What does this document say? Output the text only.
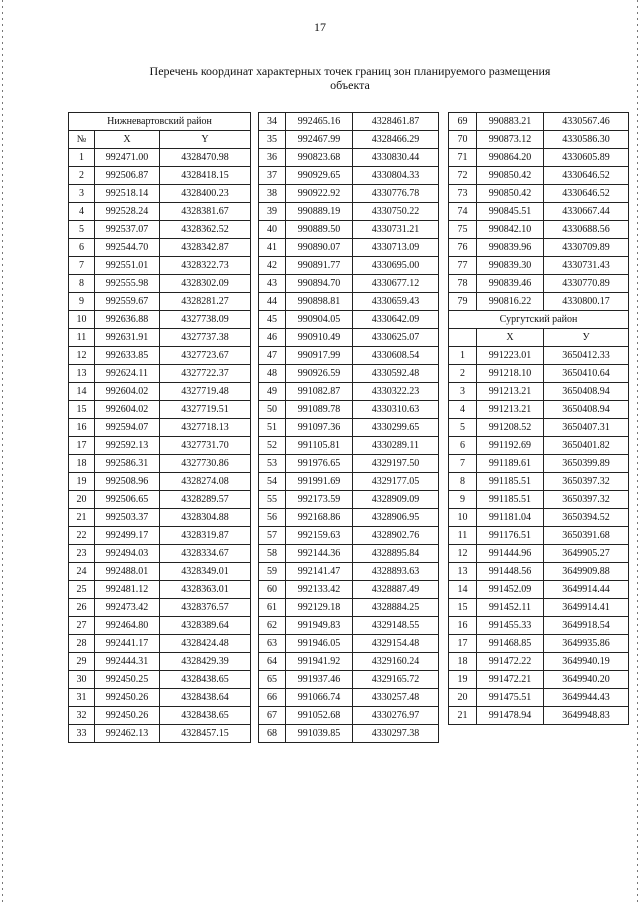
17
Перечень координат характерных точек границ зон планируемого размещения
объекта
Нижневартовский район		
№	X	Y
1	992471.00	4328470.98
2	992506.87	4328418.15
3	992518.14	4328400.23
4	992528.24	4328381.67
5	992537.07	4328362.52
6	992544.70	4328342.87
7	992551.01	4328322.73
8	992555.98	4328302.09
9	992559.67	4328281.27
10	992636.88	4327738.09
11	992631.91	4327737.38
12	992633.85	4327723.67
13	992624.11	4327722.37
14	992604.02	4327719.48
15	992604.02	4327719.51
16	992594.07	4327718.13
17	992592.13	4327731.70
18	992586.31	4327730.86
19	992508.96	4328274.08
20	992506.65	4328289.57
21	992503.37	4328304.88
22	992499.17	4328319.87
23	992494.03	4328334.67
24	992488.01	4328349.01
25	992481.12	4328363.01
26	992473.42	4328376.57
27	992464.80	4328389.64
28	992441.17	4328424.48
29	992444.31	4328429.39
30	992450.25	4328438.65
31	992450.26	4328438.64
32	992450.26	4328438.65
33	992462.13	4328457.15
34	992465.16	4328461.87
35	992467.99	4328466.29
36	990823.68	4330830.44
37	990929.65	4330804.33
38	990922.92	4330776.78
39	990889.19	4330750.22
40	990889.50	4330731.21
41	990890.07	4330713.09
42	990891.77	4330695.00
43	990894.70	4330677.12
44	990898.81	4330659.43
45	990904.05	4330642.09
46	990910.49	4330625.07
47	990917.99	4330608.54
48	990926.59	4330592.48
49	991082.87	4330322.23
50	991089.78	4330310.63
51	991097.36	4330299.65
52	991105.81	4330289.11
53	991976.65	4329197.50
54	991991.69	4329177.05
55	992173.59	4328909.09
56	992168.86	4328906.95
57	992159.63	4328902.76
58	992144.36	4328895.84
59	992141.47	4328893.63
60	992133.42	4328887.49
61	992129.18	4328884.25
62	991949.83	4329148.55
63	991946.05	4329154.48
64	991941.92	4329160.24
65	991937.46	4329165.72
66	991066.74	4330257.48
67	991052.68	4330276.97
68	991039.85	4330297.38
69	990883.21	4330567.46
70	990873.12	4330586.30
71	990864.20	4330605.89
72	990850.42	4330646.52
73	990850.42	4330646.52
74	990845.51	4330667.44
75	990842.10	4330688.56
76	990839.96	4330709.89
77	990839.30	4330731.43
78	990839.46	4330770.89
79	990816.22	4330800.17
Сургутский район		
	X	У
1	991223.01	3650412.33
2	991218.10	3650410.64
3	991213.21	3650408.94
4	991213.21	3650408.94
5	991208.52	3650407.31
6	991192.69	3650401.82
7	991189.61	3650399.89
8	991185.51	3650397.32
9	991185.51	3650397.32
10	991181.04	3650394.52
11	991176.51	3650391.68
12	991444.96	3649905.27
13	991448.56	3649909.88
14	991452.09	3649914.44
15	991452.11	3649914.41
16	991455.33	3649918.54
17	991468.85	3649935.86
18	991472.22	3649940.19
19	991472.21	3649940.20
20	991475.51	3649944.43
21	991478.94	3649948.83
